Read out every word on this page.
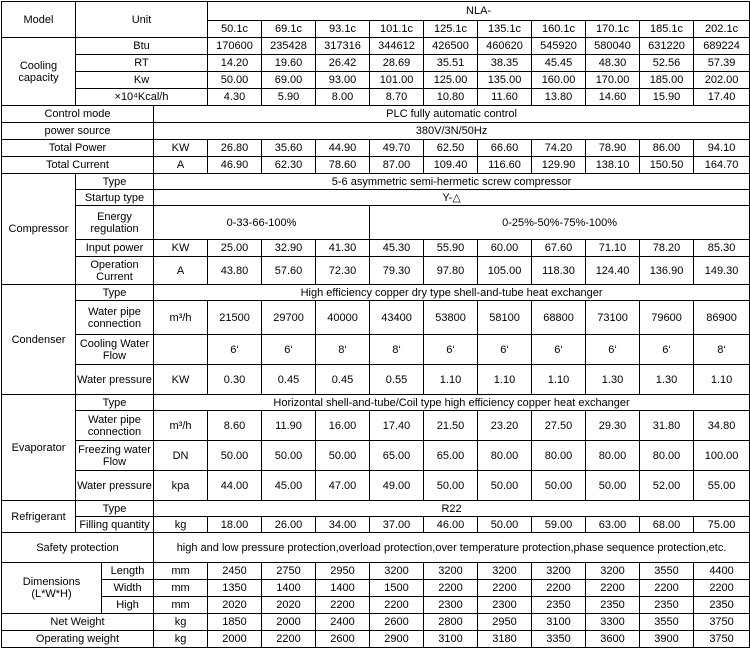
Model	Unit			NLA-									
				50.1c	69.1c	93.1c	101.1c	125.1c	135.1c	160.1c	170.1c	185.1c	202.1c
Cooling capacity	Btu			170600	235428	317316	344612	426500	460620	545920	580040	631220	689224
	RT			14.20	19.60	26.42	28.69	35.51	38.35	45.45	48.30	52.56	57.39
	Kw			50.00	69.00	93.00	101.00	125.00	135.00	160.00	170.00	185.00	202.00
	×10⁴Kcal/h			4.30	5.90	8.00	8.70	10.80	11.60	13.80	14.60	15.90	17.40
Control mode			PLC fully automatic control										
power source			380V/3N/50Hz										
Total Power			KW	26.80	35.60	44.90	49.70	62.50	66.60	74.20	78.90	86.00	94.10
Total Current			A	46.90	62.30	78.60	87.00	109.40	116.60	129.90	138.10	150.50	164.70
Compressor	Type		5-6 asymmetric semi-hermetic screw compressor										
	Startup type		Y-△										
	Energy regulation		0-33-66-100%				0-25%-50%-75%-100%						
	Input power		KW	25.00	32.90	41.30	45.30	55.90	60.00	67.60	71.10	78.20	85.30
	Operation Current		A	43.80	57.60	72.30	79.30	97.80	105.00	118.30	124.40	136.90	149.30
Condenser	Type		High efficiency copper dry type shell-and-tube heat exchanger										
	Water pipe connection		m³/h	21500	29700	40000	43400	53800	58100	68800	73100	79600	86900
	Cooling Water Flow			6‘	6‘	8‘	8‘	6‘	6‘	6‘	6‘	6‘	8‘
	Water pressure		KW	0.30	0.45	0.45	0.55	1.10	1.10	1.10	1.30	1.30	1.10
Evaporator	Type		Horizontal shell-and-tube/Coil type high efficiency copper heat exchanger										
	Water pipe connection		m³/h	8.60	11.90	16.00	17.40	21.50	23.20	27.50	29.30	31.80	34.80
	Freezing water Flow		DN	50.00	50.00	50.00	65.00	65.00	80.00	80.00	80.00	80.00	100.00
	Water pressure		kpa	44.00	45.00	47.00	49.00	50.00	50.00	50.00	50.00	52.00	55.00
Refrigerant	Type		R22										
	Filling quantity		kg	18.00	26.00	34.00	37.00	46.00	50.00	59.00	63.00	68.00	75.00
Safety protection			high and low pressure protection,overload protection,over temperature protection,phase sequence protection,etc.										
Dimensions (L*W*H)		Length	mm	2450	2750	2950	3200	3200	3200	3200	3200	3550	4400
		Width	mm	1350	1400	1400	1500	2200	2200	2200	2200	2200	2200
		High	mm	2020	2020	2200	2200	2300	2300	2350	2350	2350	2350
Net Weight			kg	1850	2000	2400	2600	2800	2950	3100	3300	3550	3750
Operating weight			kg	2000	2200	2600	2900	3100	3180	3350	3600	3900	3750
